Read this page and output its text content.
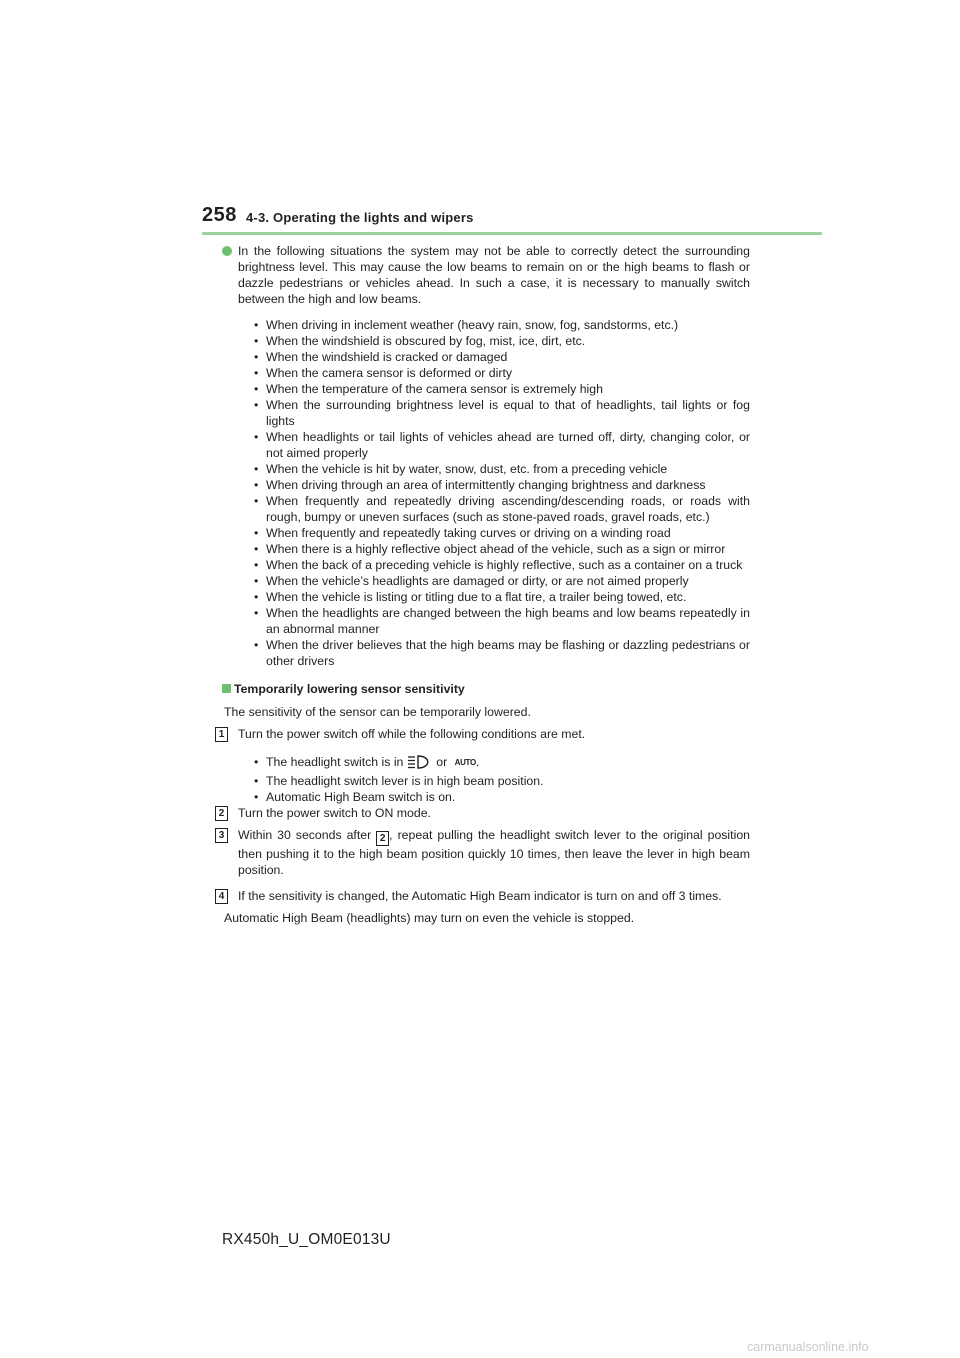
258 4-3. Operating the lights and wipers
In the following situations the system may not be able to correctly detect the surrounding brightness level. This may cause the low beams to remain on or the high beams to flash or dazzle pedestrians or vehicles ahead. In such a case, it is necessary to manually switch between the high and low beams.
• When driving in inclement weather (heavy rain, snow, fog, sandstorms, etc.)
• When the windshield is obscured by fog, mist, ice, dirt, etc.
• When the windshield is cracked or damaged
• When the camera sensor is deformed or dirty
• When the temperature of the camera sensor is extremely high
• When the surrounding brightness level is equal to that of headlights, tail lights or fog lights
• When headlights or tail lights of vehicles ahead are turned off, dirty, changing color, or not aimed properly
• When the vehicle is hit by water, snow, dust, etc. from a preceding vehicle
• When driving through an area of intermittently changing brightness and darkness
• When frequently and repeatedly driving ascending/descending roads, or roads with rough, bumpy or uneven surfaces (such as stone-paved roads, gravel roads, etc.)
• When frequently and repeatedly taking curves or driving on a winding road
• When there is a highly reflective object ahead of the vehicle, such as a sign or mirror
• When the back of a preceding vehicle is highly reflective, such as a container on a truck
• When the vehicle’s headlights are damaged or dirty, or are not aimed properly
• When the vehicle is listing or titling due to a flat tire, a trailer being towed, etc.
• When the headlights are changed between the high beams and low beams repeatedly in an abnormal manner
• When the driver believes that the high beams may be flashing or dazzling pedestrians or other drivers
Temporarily lowering sensor sensitivity
The sensitivity of the sensor can be temporarily lowered.
1	Turn the power switch off while the following conditions are met.
• The headlight switch is in	or AUTO.
• The headlight switch lever is in high beam position.
• Automatic High Beam switch is on.
2	Turn the power switch to ON mode.
3	Within 30 seconds after 2 , repeat pulling the headlight switch lever to the original position then pushing it to the high beam position quickly 10 times, then leave the lever in high beam position.
4	If the sensitivity is changed, the Automatic High Beam indicator is turn on and off 3 times.
Automatic High Beam (headlights) may turn on even the vehicle is stopped.
RX450h_U_OM0E013U
carmanualsonline.info
